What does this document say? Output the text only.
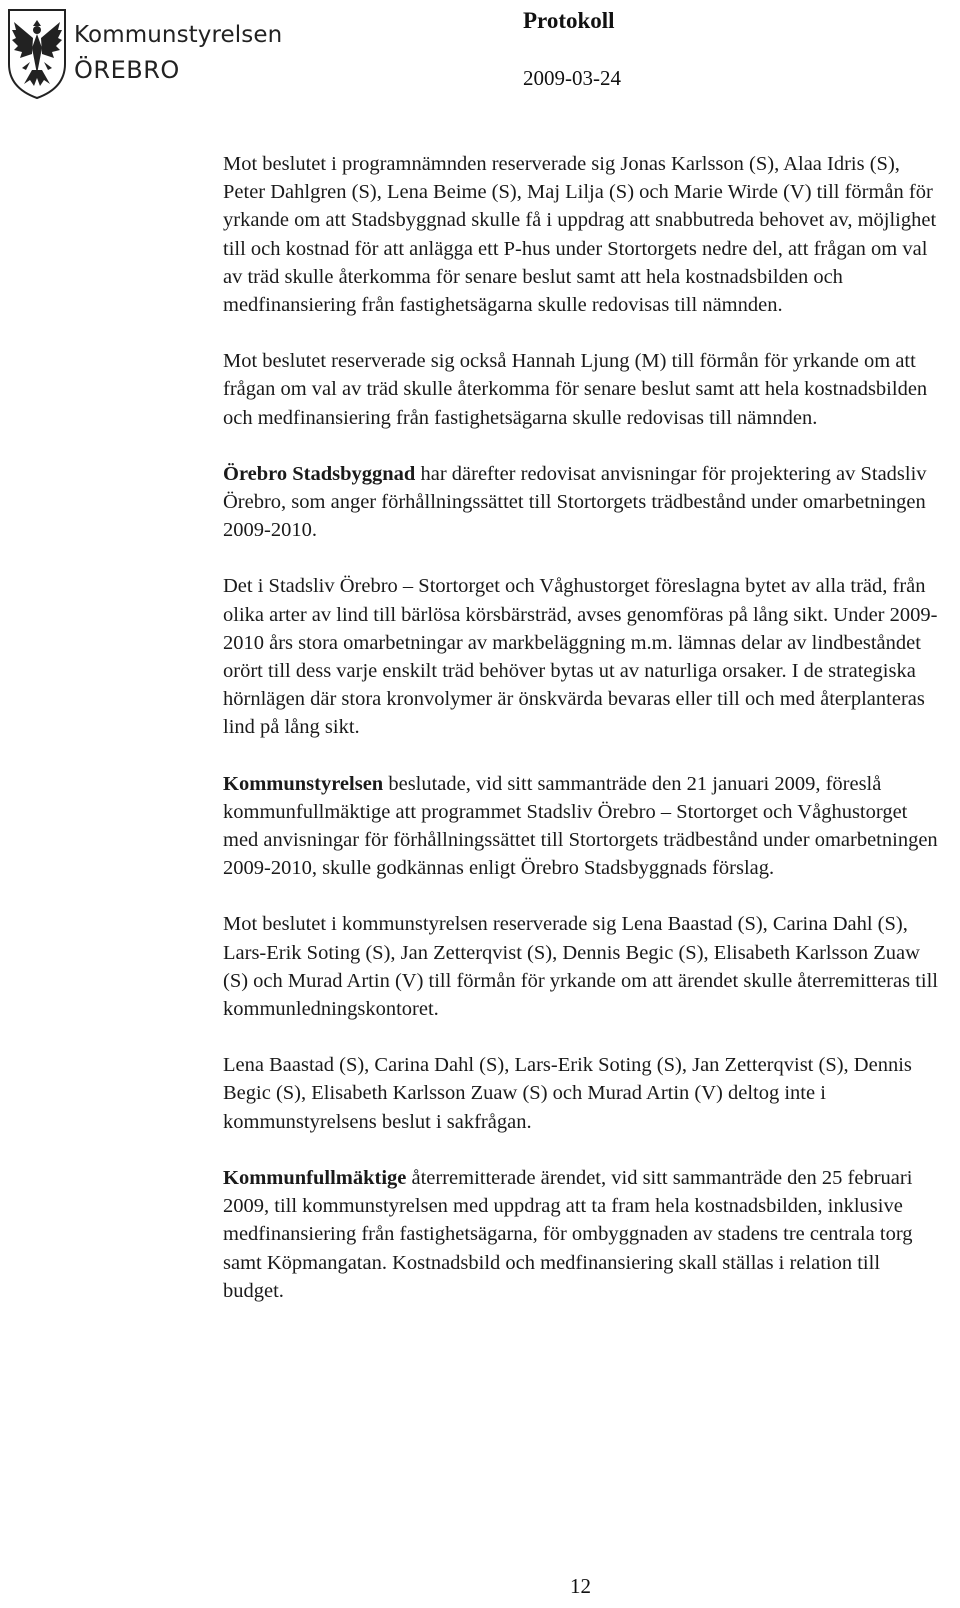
Kommunstyrelsen
ÖREBRO
Protokoll
2009-03-24

Mot beslutet i programnämnden reserverade sig Jonas Karlsson (S), Alaa Idris (S), Peter Dahlgren (S), Lena Beime (S), Maj Lilja (S) och Marie Wirde (V) till förmån för yrkande om att Stadsbyggnad skulle få i uppdrag att snabbutreda behovet av, möjlighet till och kostnad för att anlägga ett P-hus under Stortorgets nedre del, att frågan om val av träd skulle återkomma för senare beslut samt att hela kostnadsbilden och medfinansiering från fastighetsägarna skulle redovisas till nämnden.

Mot beslutet reserverade sig också Hannah Ljung (M) till förmån för yrkande om att frågan om val av träd skulle återkomma för senare beslut samt att hela kostnadsbilden och medfinansiering från fastighetsägarna skulle redovisas till nämnden.

Örebro Stadsbyggnad har därefter redovisat anvisningar för projektering av Stadsliv Örebro, som anger förhållningssättet till Stortorgets trädbestånd under omarbetningen 2009-2010.

Det i Stadsliv Örebro – Stortorget och Våghustorget föreslagna bytet av alla träd, från olika arter av lind till bärlösa körsbärsträd, avses genomföras på lång sikt. Under 2009-2010 års stora omarbetningar av markbeläggning m.m. lämnas delar av lindbeståndet orört till dess varje enskilt träd behöver bytas ut av naturliga orsaker. I de strategiska hörnlägen där stora kronvolymer är önskvärda bevaras eller till och med återplanteras lind på lång sikt.

Kommunstyrelsen beslutade, vid sitt sammanträde den 21 januari 2009, föreslå kommunfullmäktige att programmet Stadsliv Örebro – Stortorget och Våghustorget med anvisningar för förhållningssättet till Stortorgets trädbestånd under omarbetningen 2009-2010, skulle godkännas enligt Örebro Stadsbyggnads förslag.

Mot beslutet i kommunstyrelsen reserverade sig Lena Baastad (S), Carina Dahl (S), Lars-Erik Soting (S), Jan Zetterqvist (S), Dennis Begic (S), Elisabeth Karlsson Zuaw (S) och Murad Artin (V) till förmån för yrkande om att ärendet skulle återremitteras till kommunledningskontoret.

Lena Baastad (S), Carina Dahl (S), Lars-Erik Soting (S), Jan Zetterqvist (S), Dennis Begic (S), Elisabeth Karlsson Zuaw (S) och Murad Artin (V) deltog inte i kommunstyrelsens beslut i sakfrågan.

Kommunfullmäktige återremitterade ärendet, vid sitt sammanträde den 25 februari 2009, till kommunstyrelsen med uppdrag att ta fram hela kostnadsbilden, inklusive medfinansiering från fastighetsägarna, för ombyggnaden av stadens tre centrala torg samt Köpmangatan. Kostnadsbild och medfinansiering skall ställas i relation till budget.

12
